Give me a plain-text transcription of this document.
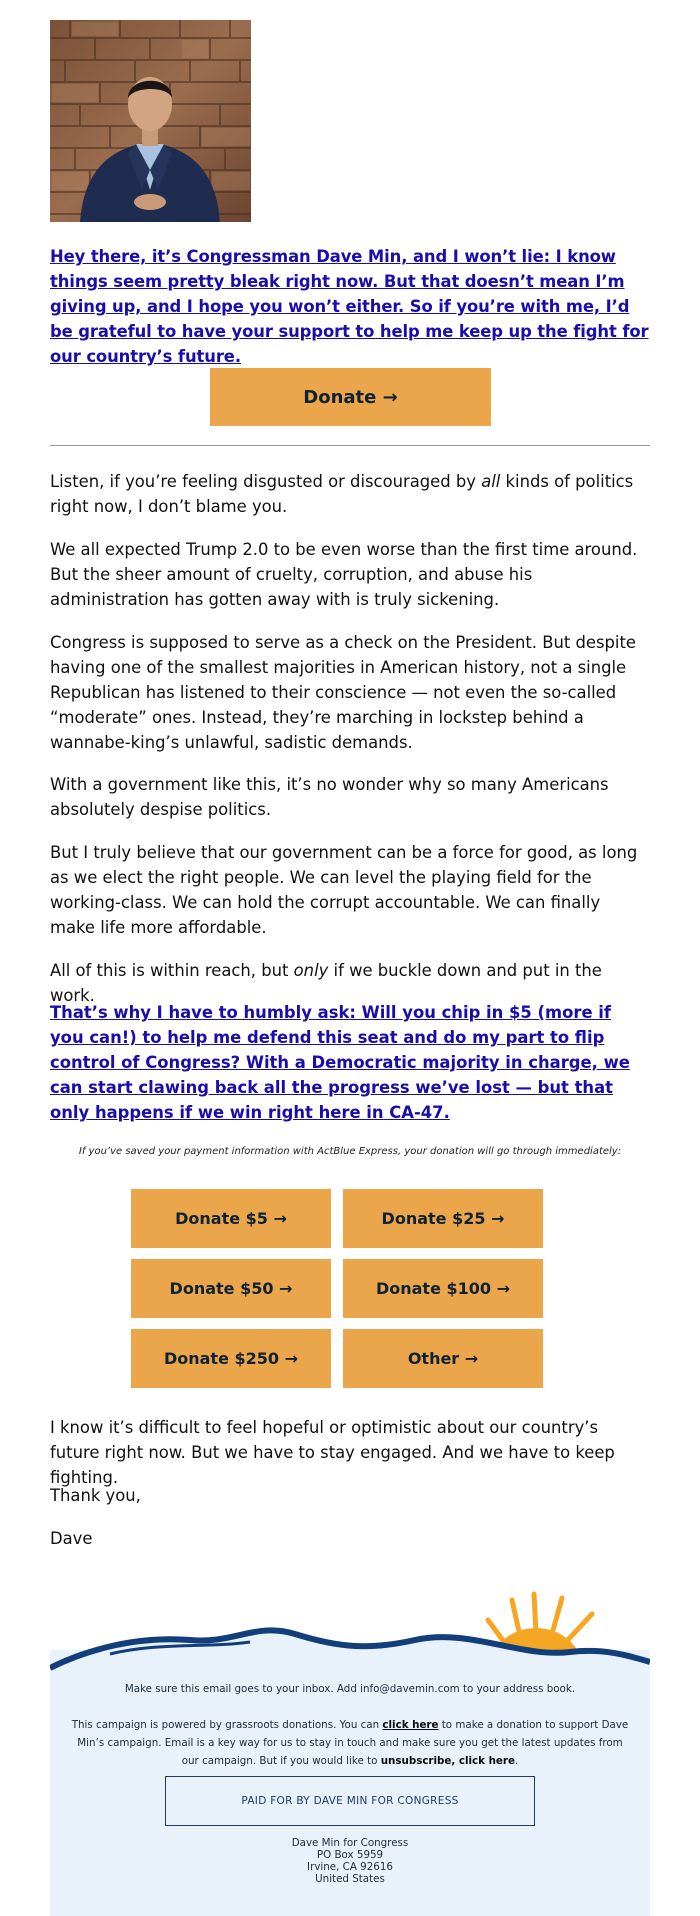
Hey there, it’s Congressman Dave Min, and I won’t lie: I know things seem pretty bleak right now. But that doesn’t mean I’m giving up, and I hope you won’t either. So if you’re with me, I’d be grateful to have your support to help me keep up the fight for our country’s future.
Donate →
Listen, if you’re feeling disgusted or discouraged by all kinds of politics right now, I don’t blame you.
We all expected Trump 2.0 to be even worse than the first time around. But the sheer amount of cruelty, corruption, and abuse his administration has gotten away with is truly sickening.
Congress is supposed to serve as a check on the President. But despite having one of the smallest majorities in American history, not a single Republican has listened to their conscience — not even the so-called “moderate” ones. Instead, they’re marching in lockstep behind a wannabe-king’s unlawful, sadistic demands.
With a government like this, it’s no wonder why so many Americans absolutely despise politics.
But I truly believe that our government can be a force for good, as long as we elect the right people. We can level the playing field for the working-class. We can hold the corrupt accountable. We can finally make life more affordable.
All of this is within reach, but only if we buckle down and put in the work.
That’s why I have to humbly ask: Will you chip in $5 (more if you can!) to help me defend this seat and do my part to flip control of Congress? With a Democratic majority in charge, we can start clawing back all the progress we’ve lost — but that only happens if we win right here in CA-47.
If you’ve saved your payment information with ActBlue Express, your donation will go through immediately:
Donate $5 →	Donate $25 →
Donate $50 →	Donate $100 →
Donate $250 →	Other →
I know it’s difficult to feel hopeful or optimistic about our country’s future right now. But we have to stay engaged. And we have to keep fighting.
Thank you,
Dave
Make sure this email goes to your inbox. Add info@davemin.com to your address book.
This campaign is powered by grassroots donations. You can click here to make a donation to support Dave Min’s campaign. Email is a key way for us to stay in touch and make sure you get the latest updates from our campaign. But if you would like to unsubscribe, click here.
PAID FOR BY DAVE MIN FOR CONGRESS
Dave Min for Congress
PO Box 5959
Irvine, CA 92616
United States
